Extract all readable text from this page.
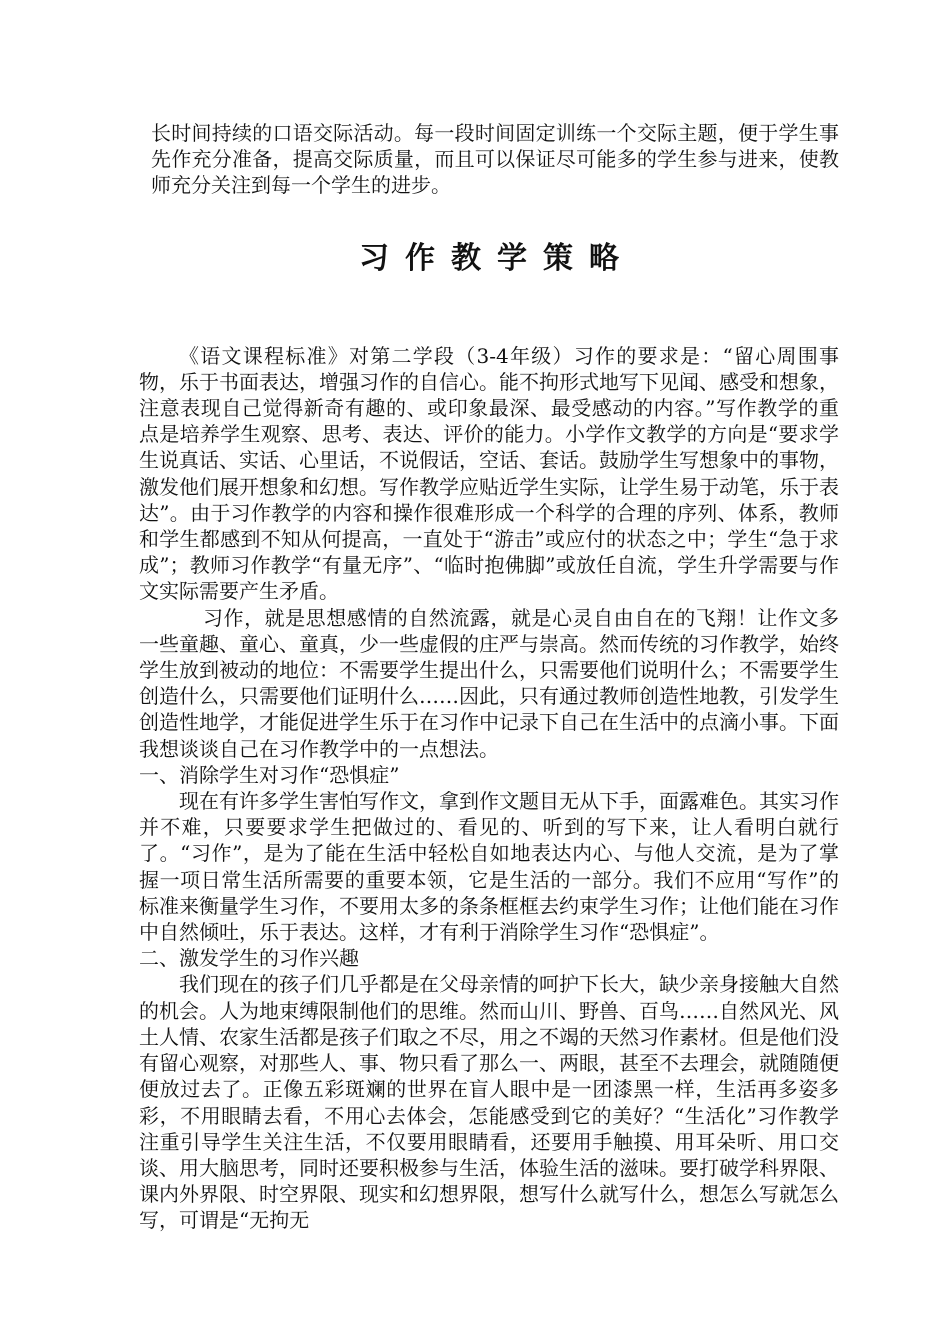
长时间持续的口语交际活动。每一段时间固定训练一个交际主题，便于学生事先作充分准备，提高交际质量，而且可以保证尽可能多的学生参与进来，使教师充分关注到每一个学生的进步。

习作教学策略

《语文课程标准》对第二学段（3-4年级）习作的要求是：“留心周围事物，乐于书面表达，增强习作的自信心。能不拘形式地写下见闻、感受和想象，注意表现自己觉得新奇有趣的、或印象最深、最受感动的内容。”写作教学的重点是培养学生观察、思考、表达、评价的能力。小学作文教学的方向是“要求学生说真话、实话、心里话，不说假话，空话、套话。鼓励学生写想象中的事物，激发他们展开想象和幻想。写作教学应贴近学生实际，让学生易于动笔，乐于表达”。由于习作教学的内容和操作很难形成一个科学的合理的序列、体系，教师和学生都感到不知从何提高，一直处于“游击”或应付的状态之中；学生“急于求成”；教师习作教学“有量无序”、“临时抱佛脚”或放任自流，学生升学需要与作文实际需要产生矛盾。

习作，就是思想感情的自然流露，就是心灵自由自在的飞翔！让作文多一些童趣、童心、童真，少一些虚假的庄严与崇高。然而传统的习作教学，始终学生放到被动的地位：不需要学生提出什么，只需要他们说明什么；不需要学生创造什么，只需要他们证明什么……因此，只有通过教师创造性地教，引发学生创造性地学，才能促进学生乐于在习作中记录下自己在生活中的点滴小事。下面我想谈谈自己在习作教学中的一点想法。

一、消除学生对习作“恐惧症”

现在有许多学生害怕写作文，拿到作文题目无从下手，面露难色。其实习作并不难，只要要求学生把做过的、看见的、听到的写下来，让人看明白就行了。“习作”，是为了能在生活中轻松自如地表达内心、与他人交流，是为了掌握一项日常生活所需要的重要本领，它是生活的一部分。我们不应用“写作”的标准来衡量学生习作，不要用太多的条条框框去约束学生习作；让他们能在习作中自然倾吐，乐于表达。这样，才有利于消除学生习作“恐惧症”。

二、激发学生的习作兴趣

我们现在的孩子们几乎都是在父母亲情的呵护下长大，缺少亲身接触大自然的机会。人为地束缚限制他们的思维。然而山川、野兽、百鸟……自然风光、风土人情、农家生活都是孩子们取之不尽，用之不竭的天然习作素材。但是他们没有留心观察，对那些人、事、物只看了那么一、两眼，甚至不去理会，就随随便便放过去了。正像五彩斑斓的世界在盲人眼中是一团漆黑一样，生活再多姿多彩，不用眼睛去看，不用心去体会，怎能感受到它的美好？“生活化”习作教学注重引导学生关注生活，不仅要用眼睛看，还要用手触摸、用耳朵听、用口交谈、用大脑思考，同时还要积极参与生活，体验生活的滋味。要打破学科界限、课内外界限、时空界限、现实和幻想界限，想写什么就写什么，想怎么写就怎么写，可谓是“无拘无
